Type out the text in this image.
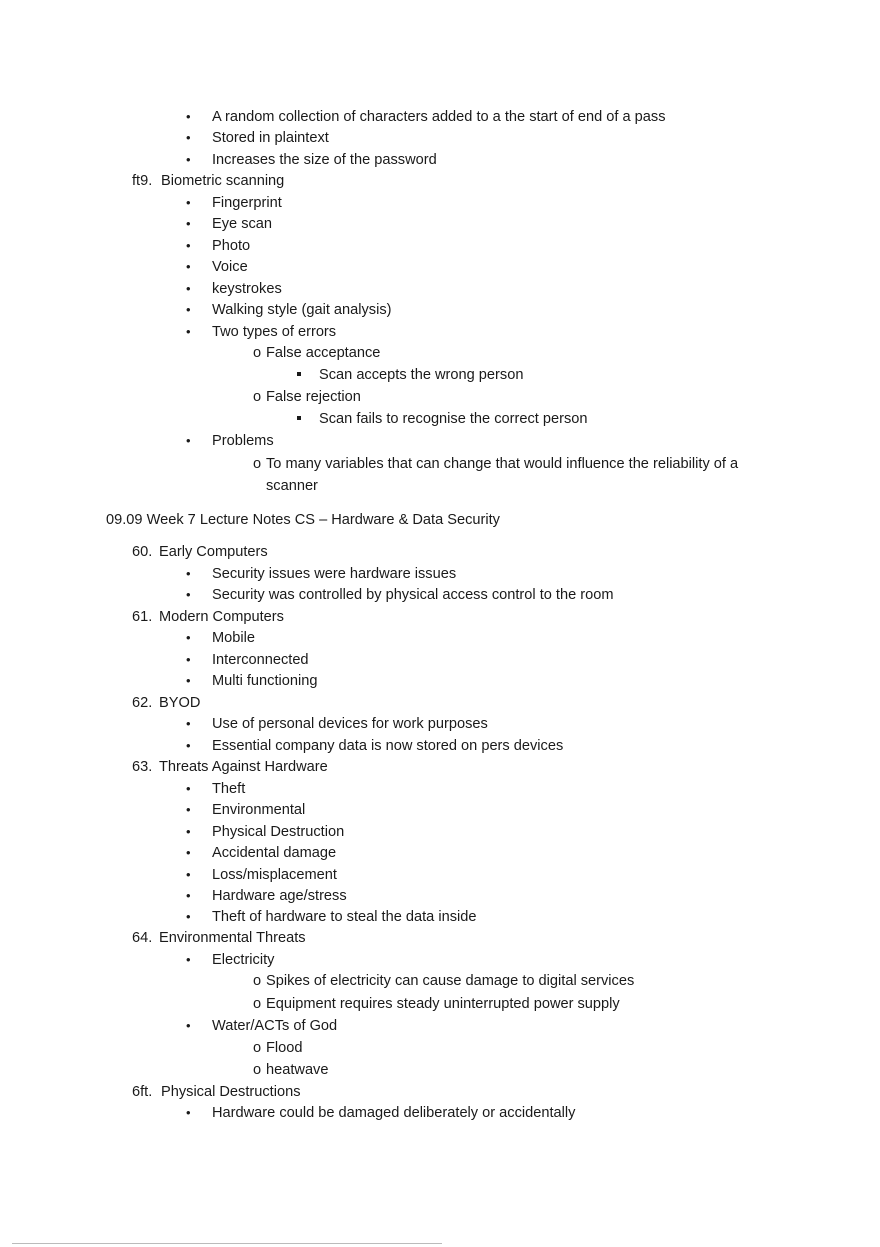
• A random collection of characters added to a the start of end of a pass
• Stored in plaintext
• Increases the size of the password
ft9. Biometric scanning
• Fingerprint
• Eye scan
• Photo
• Voice
• keystrokes
• Walking style (gait analysis)
• Two types of errors
o False acceptance
Scan accepts the wrong person
o False rejection
Scan fails to recognise the correct person
• Problems
o To many variables that can change that would influence the reliability of a
scanner
09.09 Week 7 Lecture Notes CS – Hardware & Data Security
60. Early Computers
• Security issues were hardware issues
• Security was controlled by physical access control to the room
61. Modern Computers
• Mobile
• Interconnected
• Multi functioning
62. BYOD
• Use of personal devices for work purposes
• Essential company data is now stored on pers devices
63. Threats Against Hardware
• Theft
• Environmental
• Physical Destruction
• Accidental damage
• Loss/misplacement
• Hardware age/stress
• Theft of hardware to steal the data inside
64. Environmental Threats
• Electricity
o Spikes of electricity can cause damage to digital services
o Equipment requires steady uninterrupted power supply
• Water/ACTs of God
o Flood
o heatwave
6ft. Physical Destructions
• Hardware could be damaged deliberately or accidentally
